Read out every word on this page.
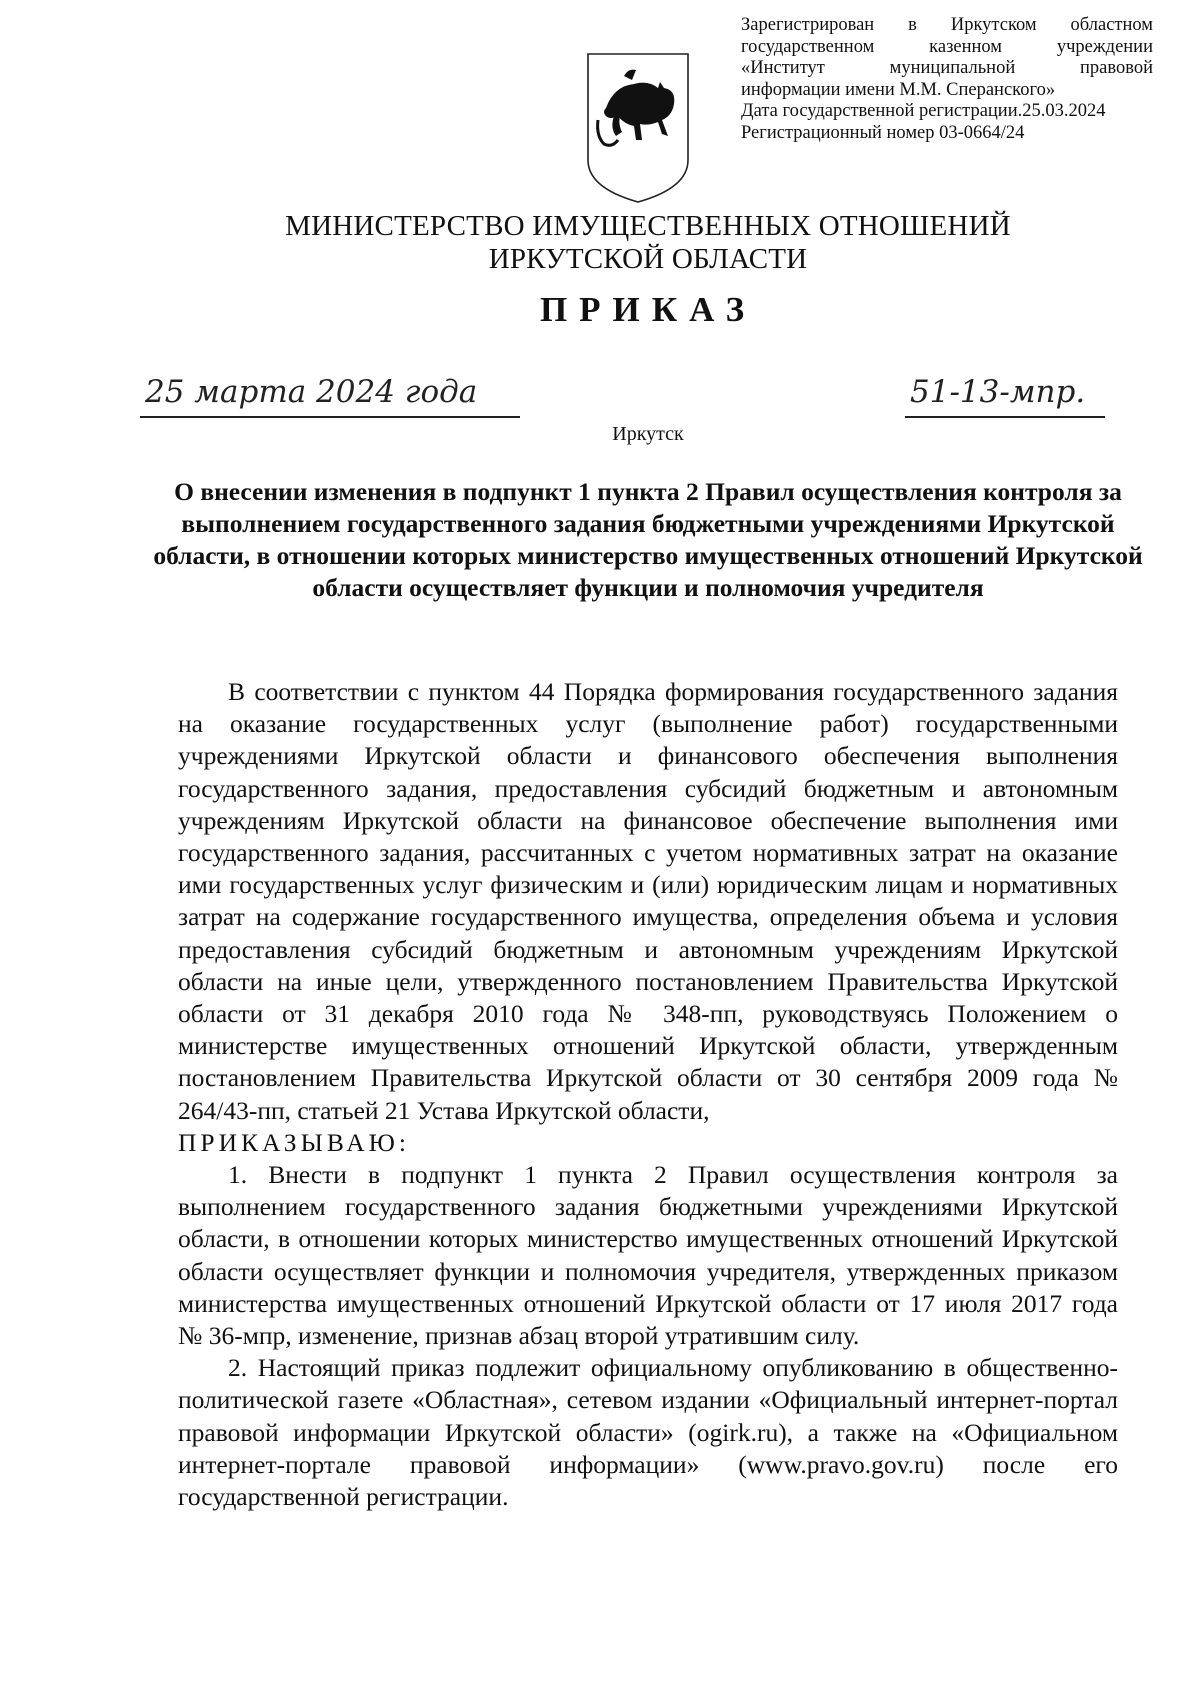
Зарегистрирован в Иркутском областном
государственном казенном учреждении
«Институт муниципальной правовой
информации имени М.М. Сперанского»
Дата государственной регистрации.25.03.2024
Регистрационный номер 03-0664/24
МИНИСТЕРСТВО ИМУЩЕСТВЕННЫХ ОТНОШЕНИЙ
ИРКУТСКОЙ ОБЛАСТИ
ПРИКАЗ
25 марта 2024 года	51-13-мпр.
Иркутск
О внесении изменения в подпункт 1 пункта 2 Правил осуществления контроля за выполнением государственного задания бюджетными учреждениями Иркутской области, в отношении которых министерство имущественных отношений Иркутской области осуществляет функции и полномочия учредителя

В соответствии с пунктом 44 Порядка формирования государственного задания на оказание государственных услуг (выполнение работ) государственными учреждениями Иркутской области и финансового обеспечения выполнения государственного задания, предоставления субсидий бюджетным и автономным учреждениям Иркутской области на финансовое обеспечение выполнения ими государственного задания, рассчитанных с учетом нормативных затрат на оказание ими государственных услуг физическим и (или) юридическим лицам и нормативных затрат на содержание государственного имущества, определения объема и условия предоставления субсидий бюджетным и автономным учреждениям Иркутской области на иные цели, утвержденного постановлением Правительства Иркутской области от 31 декабря 2010 года № 348-пп, руководствуясь Положением о министерстве имущественных отношений Иркутской области, утвержденным постановлением Правительства Иркутской области от 30 сентября 2009 года № 264/43-пп, статьей 21 Устава Иркутской области,

ПРИКАЗЫВАЮ:

1. Внести в подпункт 1 пункта 2 Правил осуществления контроля за выполнением государственного задания бюджетными учреждениями Иркутской области, в отношении которых министерство имущественных отношений Иркутской области осуществляет функции и полномочия учредителя, утвержденных приказом министерства имущественных отношений Иркутской области от 17 июля 2017 года № 36-мпр, изменение, признав абзац второй утратившим силу.

2. Настоящий приказ подлежит официальному опубликованию в общественно-политической газете «Областная», сетевом издании «Официальный интернет-портал правовой информации Иркутской области» (ogirk.ru), а также на «Официальном интернет-портале правовой информации» (www.pravo.gov.ru) после его государственной регистрации.
